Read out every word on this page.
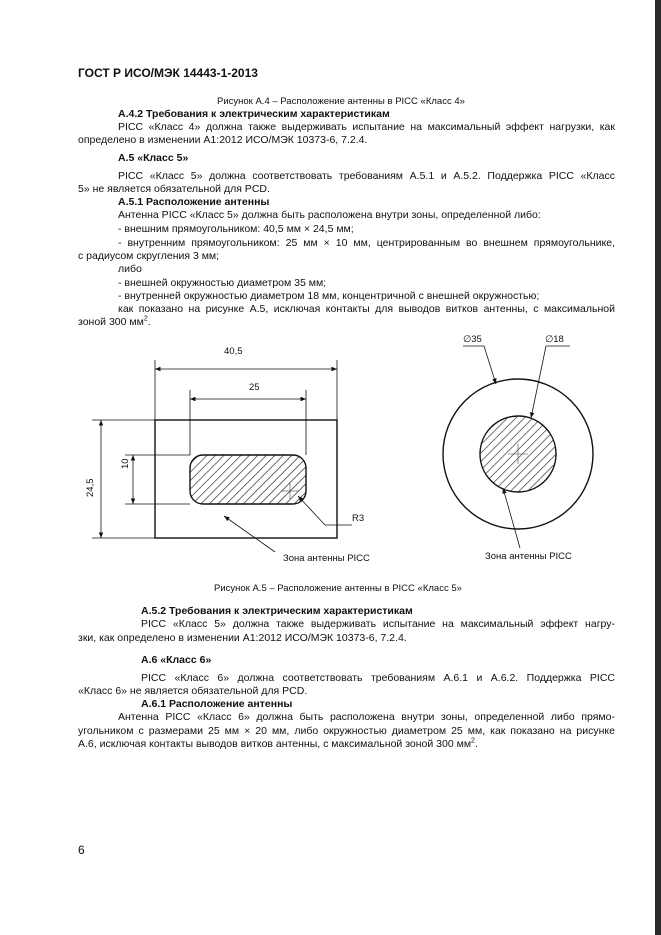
ГОСТ Р ИСО/МЭК 14443-1-2013
Рисунок А.4 – Расположение антенны в PICC «Класс 4»
А.4.2 Требования к электрическим характеристикам
PICC «Класс 4» должна также выдерживать испытание на максимальный эффект нагрузки, как
определено в изменении А1:2012 ИСО/МЭК 10373-6, 7.2.4.
А.5 «Класс 5»
PICC «Класс 5» должна соответствовать требованиям А.5.1 и А.5.2. Поддержка PICC «Класс
5» не является обязательной для PCD.
А.5.1 Расположение антенны
Антенна PICC «Класс 5» должна быть расположена внутри зоны, определенной либо:
- внешним прямоугольником: 40,5 мм × 24,5 мм;
- внутренним прямоугольником: 25 мм × 10 мм, центрированным во внешнем прямоугольнике,
с радиусом скругления 3 мм;
либо
- внешней окружностью диаметром 35 мм;
- внутренней окружностью диаметром 18 мм, концентричной с внешней окружностью;
как показано на рисунке А.5, исключая контакты для выводов витков антенны, с максимальной
зоной 300 $мм^2$.
40,5
25
10
24,5
R3
Зона антенны PICC
∅35	∅18
Зона антенны PICC
Рисунок А.5 – Расположение антенны в PICC «Класс 5»
А.5.2 Требования к электрическим характеристикам
PICC «Класс 5» должна также выдерживать испытание на максимальный эффект нагру-
зки, как определено в изменении А1:2012 ИСО/МЭК 10373-6, 7.2.4.
А.6 «Класс 6»
PICC «Класс 6» должна соответствовать требованиям А.6.1 и А.6.2. Поддержка PICC
«Класс 6» не является обязательной для PCD.
А.6.1 Расположение антенны
Антенна PICC «Класс 6» должна быть расположена внутри зоны, определенной либо прямо-
угольником с размерами 25 мм × 20 мм, либо окружностью диаметром 25 мм, как показано на рисунке
А.6, исключая контакты выводов витков антенны, с максимальной зоной 300 $мм^2$.
6
